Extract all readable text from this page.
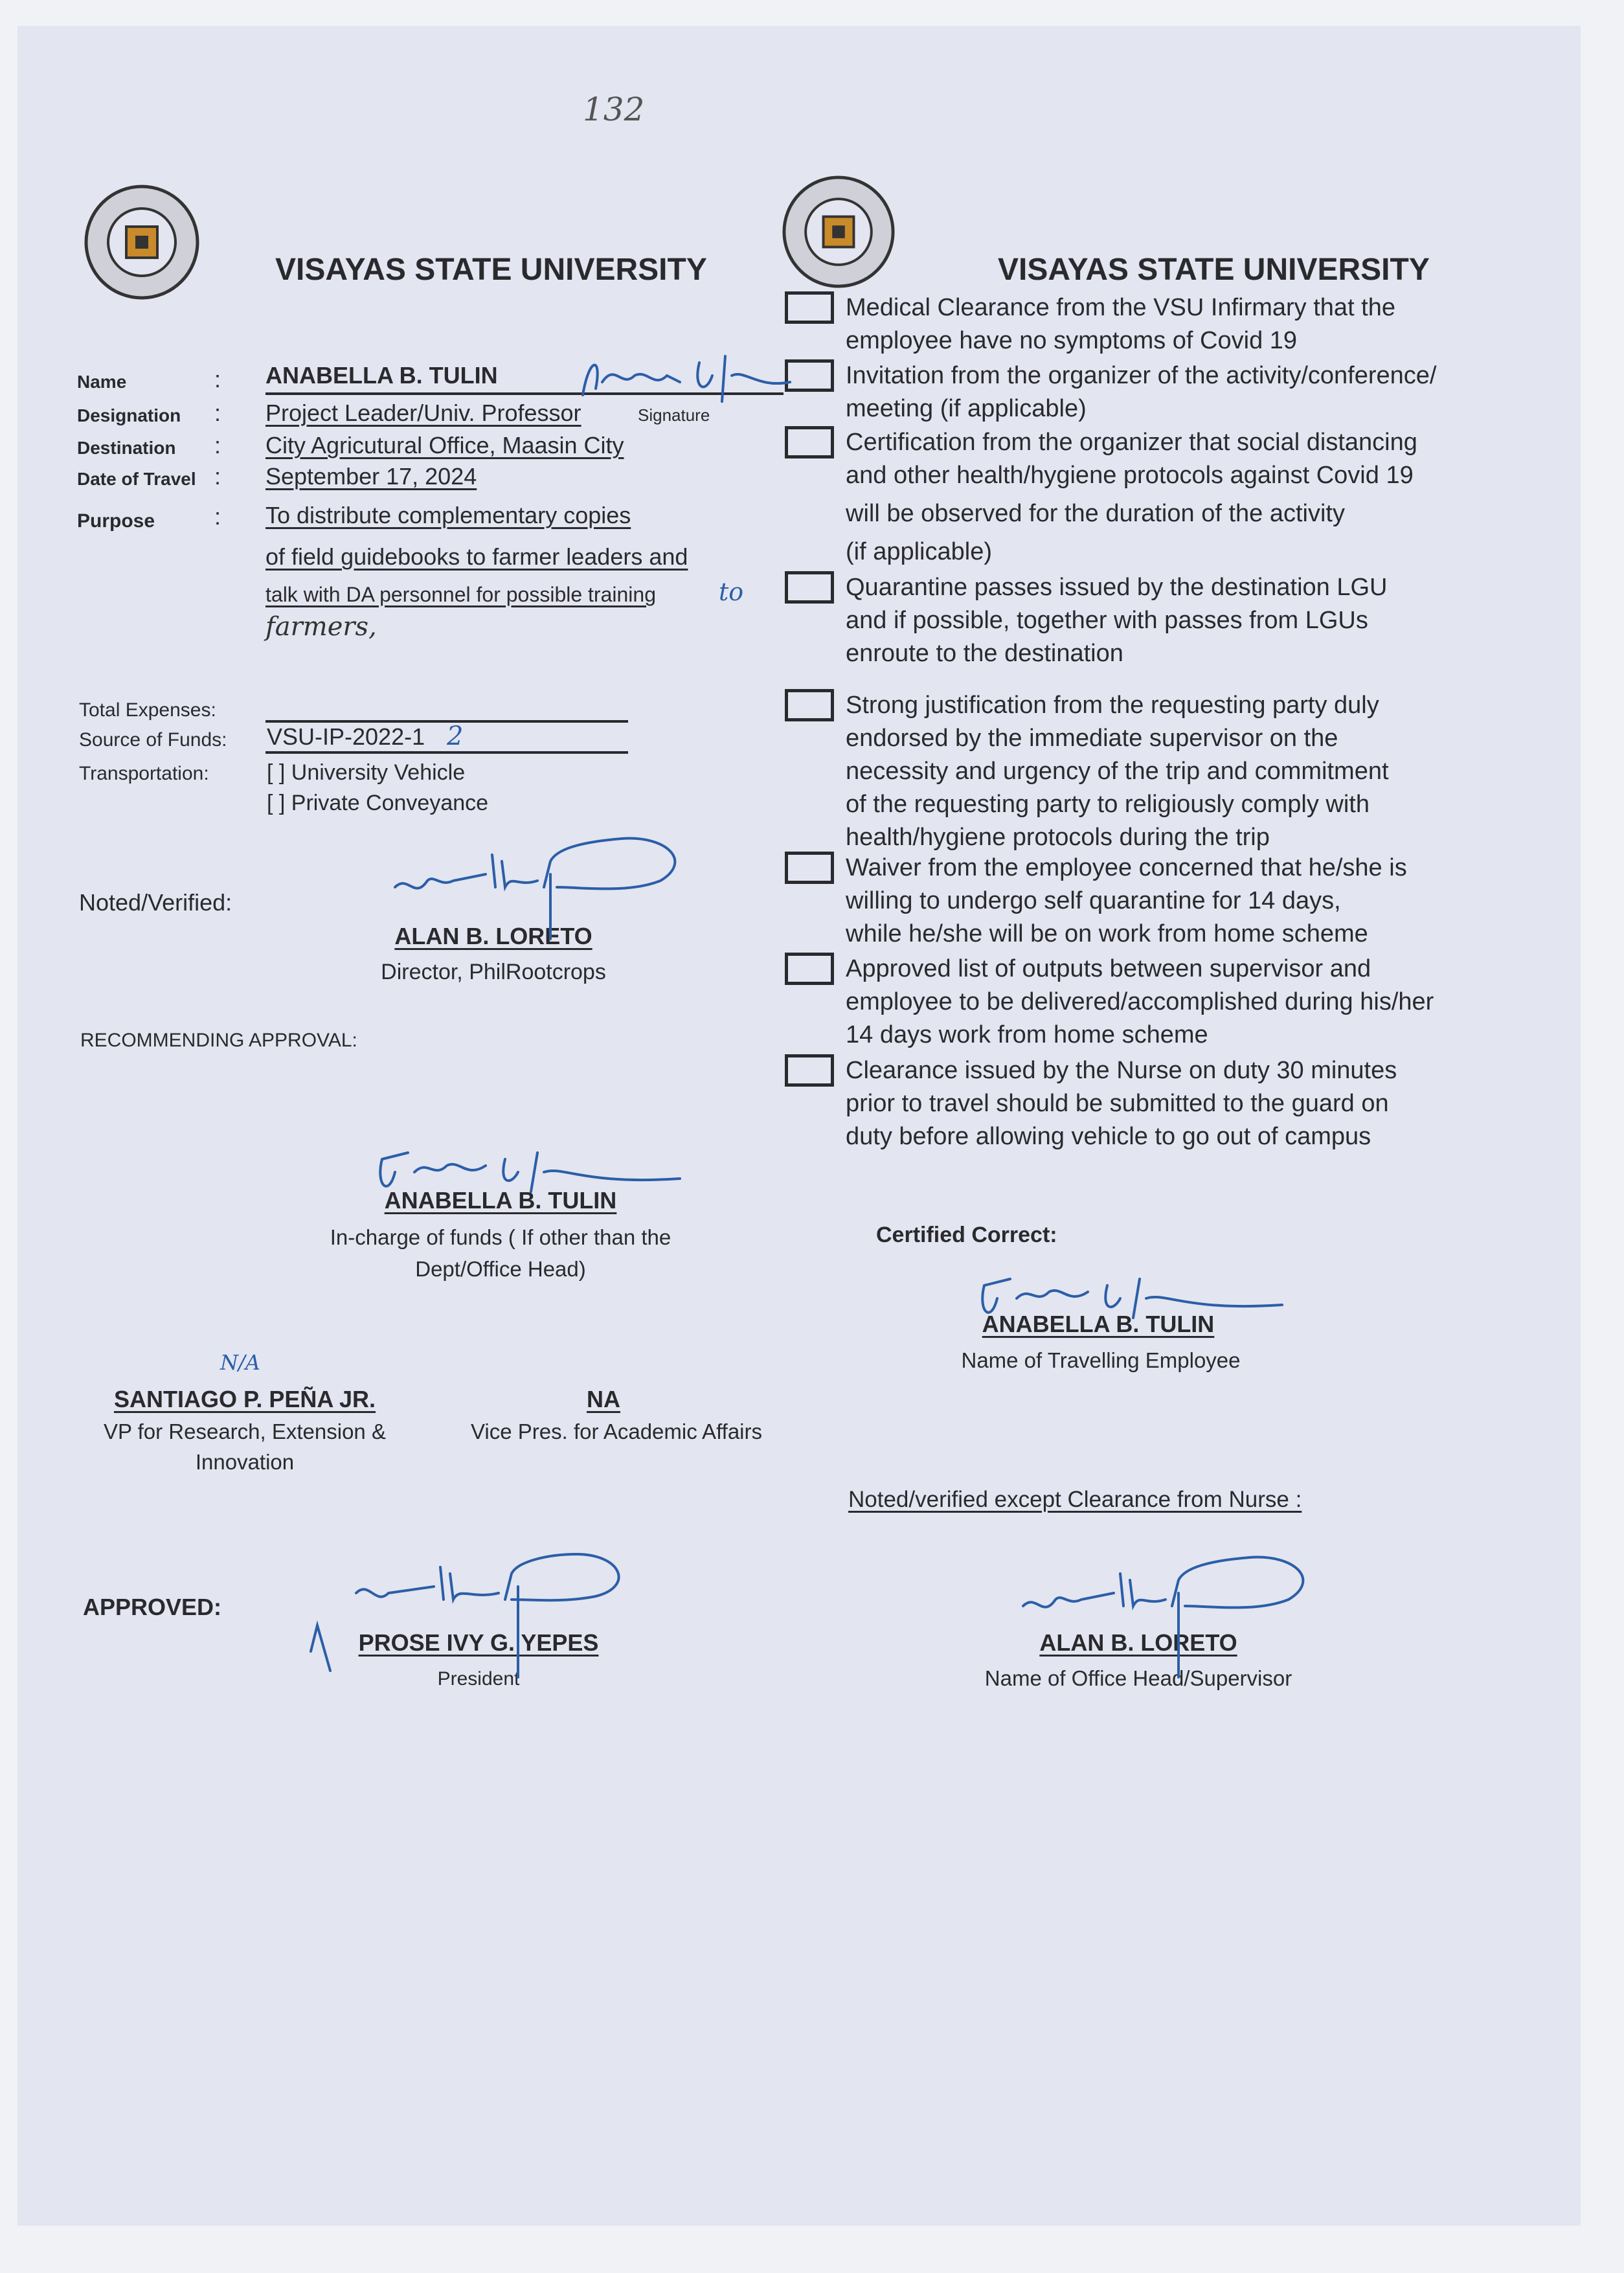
132
VISAYAS STATE UNIVERSITY	VISAYAS STATE UNIVERSITY
Name	: ANABELLA B. TULIN
Signature
Designation : Project Leader/Univ. Professor
Destination : City Agricutural Office, Maasin City
Date of Travel : September 17, 2024
Purpose	: To distribute complementary copies
of field guidebooks to farmer leaders and
talk with DA personnel for possible training	to
farmers,
Total Expenses:
Source of Funds: VSU-IP-2022-1 2
Transportation:	[ ] University Vehicle
[ ] Private Conveyance
Noted/Verified:
ALAN B. LORETO
Director, PhilRootcrops
RECOMMENDING APPROVAL:
ANABELLA B. TULIN
In-charge of funds ( If other than the
Dept/Office Head)
N/A
SANTIAGO P. PEÑA JR.
VP for Research, Extension &
Innovation
NA
Vice Pres. for Academic Affairs
APPROVED:
PROSE IVY G. YEPES
President
Medical Clearance from the VSU Infirmary that the
employee have no symptoms of Covid 19
Invitation from the organizer of the activity/conference/
meeting (if applicable)
Certification from the organizer that social distancing
and other health/hygiene protocols against Covid 19
will be observed for the duration of the activity
(if applicable)
Quarantine passes issued by the destination LGU
and if possible, together with passes from LGUs
enroute to the destination
Strong justification from the requesting party duly
endorsed by the immediate supervisor on the
necessity and urgency of the trip and commitment
of the requesting party to religiously comply with
health/hygiene protocols during the trip
Waiver from the employee concerned that he/she is
willing to undergo self quarantine for 14 days,
while he/she will be on work from home scheme
Approved list of outputs between supervisor and
employee to be delivered/accomplished during his/her
14 days work from home scheme
Clearance issued by the Nurse on duty 30 minutes
prior to travel should be submitted to the guard on
duty before allowing vehicle to go out of campus
Certified Correct:
ANABELLA B. TULIN
Name of Travelling Employee
Noted/verified except Clearance from Nurse :
ALAN B. LORETO
Name of Office Head/Supervisor
